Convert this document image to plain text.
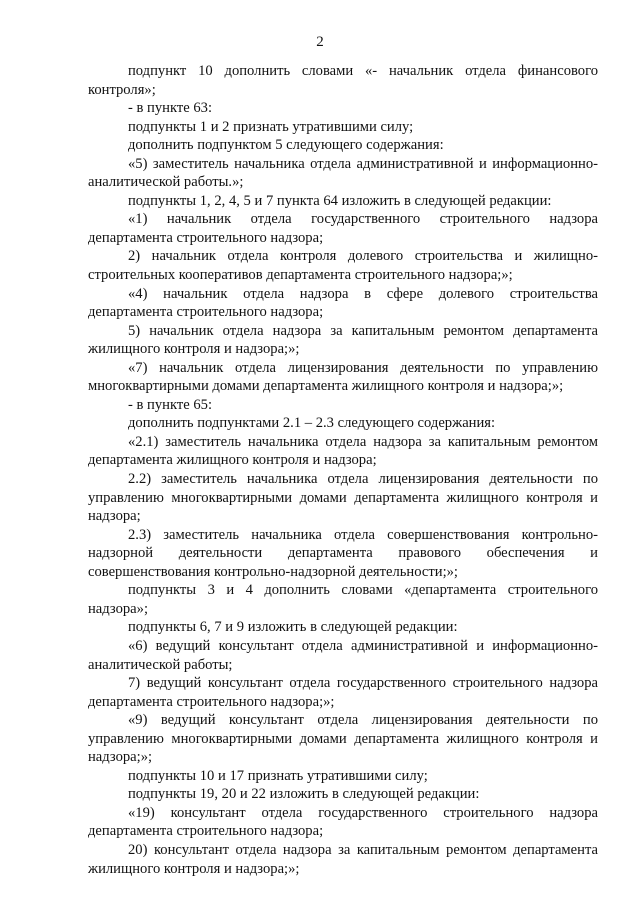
2

подпункт 10 дополнить словами «- начальник отдела финансового контроля»;

- в пункте 63:

подпункты 1 и 2 признать утратившими силу;

дополнить подпунктом 5 следующего содержания:

«5) заместитель начальника отдела административной и информационно-аналитической работы.»;

подпункты 1, 2, 4, 5 и 7 пункта 64 изложить в следующей редакции:

«1) начальник отдела государственного строительного надзора департамента строительного надзора;

2) начальник отдела контроля долевого строительства и жилищно-строительных кооперативов департамента строительного надзора;»;

«4) начальник отдела надзора в сфере долевого строительства департамента строительного надзора;

5) начальник отдела надзора за капитальным ремонтом департамента жилищного контроля и надзора;»;

«7) начальник отдела лицензирования деятельности по управлению многоквартирными домами департамента жилищного контроля и надзора;»;

- в пункте 65:

дополнить подпунктами 2.1 – 2.3 следующего содержания:

«2.1) заместитель начальника отдела надзора за капитальным ремонтом департамента жилищного контроля и надзора;

2.2) заместитель начальника отдела лицензирования деятельности по управлению многоквартирными домами департамента жилищного контроля и надзора;

2.3) заместитель начальника отдела совершенствования контрольно-надзорной деятельности департамента правового обеспечения и совершенствования контрольно-надзорной деятельности;»;

подпункты 3 и 4 дополнить словами «департамента строительного надзора»;

подпункты 6, 7 и 9 изложить в следующей редакции:

«6) ведущий консультант отдела административной и информационно-аналитической работы;

7) ведущий консультант отдела государственного строительного надзора департамента строительного надзора;»;

«9) ведущий консультант отдела лицензирования деятельности по управлению многоквартирными домами департамента жилищного контроля и надзора;»;

подпункты 10 и 17 признать утратившими силу;

подпункты 19, 20 и 22 изложить в следующей редакции:

«19) консультант отдела государственного строительного надзора департамента строительного надзора;

20) консультант отдела надзора за капитальным ремонтом департамента жилищного контроля и надзора;»;
